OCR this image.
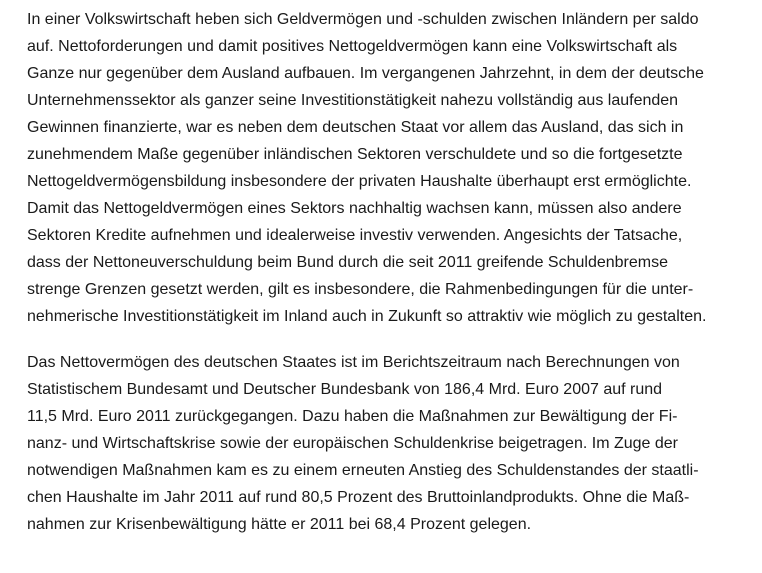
In einer Volkswirtschaft heben sich Geldvermögen und -schulden zwischen Inländern per saldo
auf. Nettoforderungen und damit positives Nettogeldvermögen kann eine Volkswirtschaft als
Ganze nur gegenüber dem Ausland aufbauen. Im vergangenen Jahrzehnt, in dem der deutsche
Unternehmenssektor als ganzer seine Investitionstätigkeit nahezu vollständig aus laufenden
Gewinnen finanzierte, war es neben dem deutschen Staat vor allem das Ausland, das sich in
zunehmendem Maße gegenüber inländischen Sektoren verschuldete und so die fortgesetzte
Nettogeldvermögensbildung insbesondere der privaten Haushalte überhaupt erst ermöglichte.
Damit das Nettogeldvermögen eines Sektors nachhaltig wachsen kann, müssen also andere
Sektoren Kredite aufnehmen und idealerweise investiv verwenden. Angesichts der Tatsache,
dass der Nettoneuverschuldung beim Bund durch die seit 2011 greifende Schuldenbremse
strenge Grenzen gesetzt werden, gilt es insbesondere, die Rahmenbedingungen für die unter-
nehmerische Investitionstätigkeit im Inland auch in Zukunft so attraktiv wie möglich zu gestalten.
Das Nettovermögen des deutschen Staates ist im Berichtszeitraum nach Berechnungen von
Statistischem Bundesamt und Deutscher Bundesbank von 186,4 Mrd. Euro 2007 auf rund
11,5 Mrd. Euro 2011 zurückgegangen. Dazu haben die Maßnahmen zur Bewältigung der Fi-
nanz- und Wirtschaftskrise sowie der europäischen Schuldenkrise beigetragen. Im Zuge der
notwendigen Maßnahmen kam es zu einem erneuten Anstieg des Schuldenstandes der staatli-
chen Haushalte im Jahr 2011 auf rund 80,5 Prozent des Bruttoinlandprodukts. Ohne die Maß-
nahmen zur Krisenbewältigung hätte er 2011 bei 68,4 Prozent gelegen.
